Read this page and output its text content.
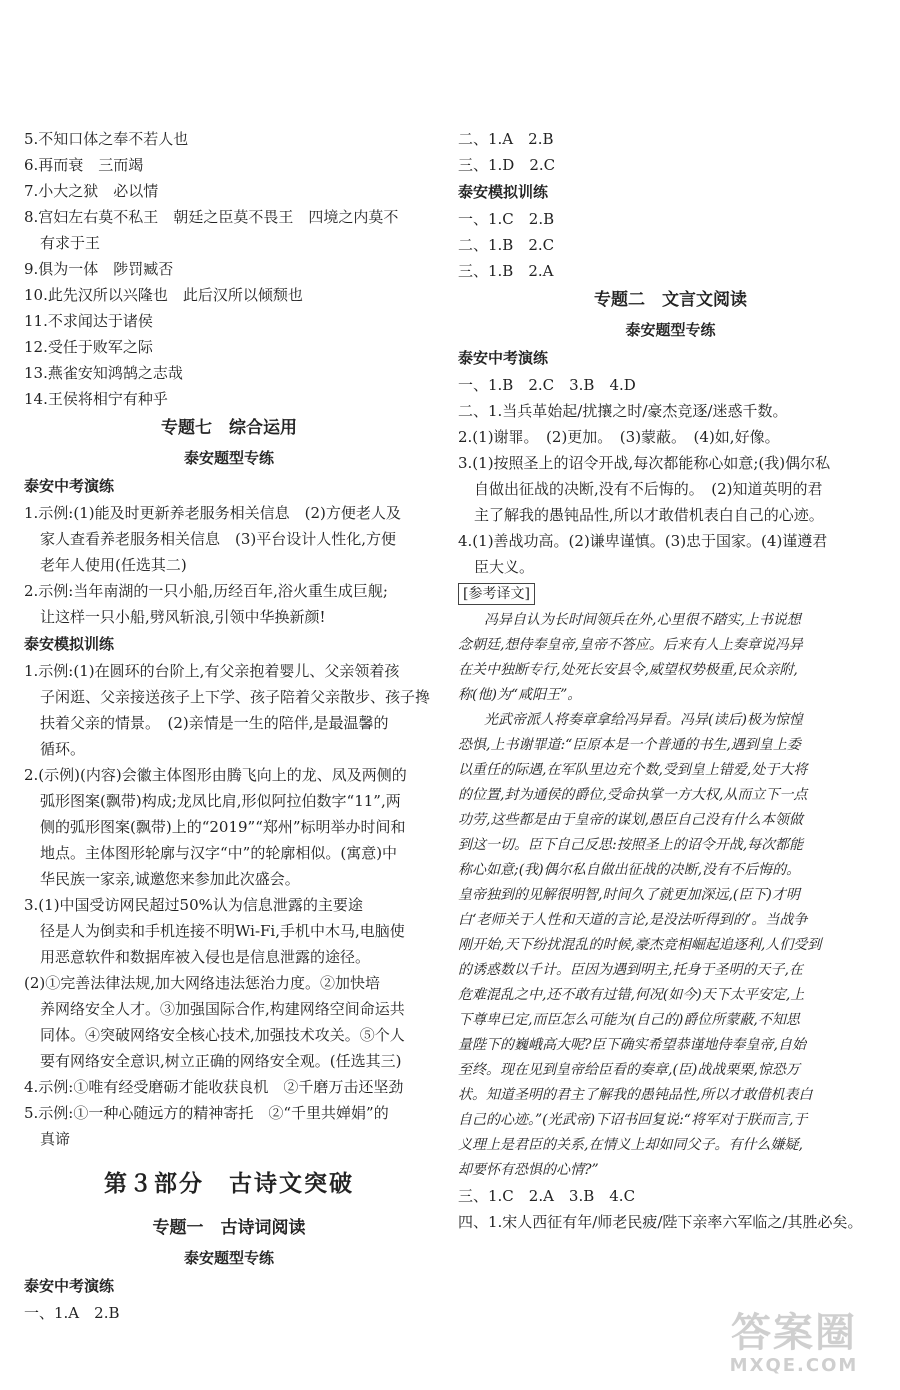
5.不知口体之奉不若人也
6.再而衰　三而竭
7.小大之狱　必以情
8.宫妇左右莫不私王　朝廷之臣莫不畏王　四境之内莫不
有求于王
9.俱为一体　陟罚臧否
10.此先汉所以兴隆也　此后汉所以倾颓也
11.不求闻达于诸侯
12.受任于败军之际
13.燕雀安知鸿鹄之志哉
14.王侯将相宁有种乎
专题七　综合运用
泰安题型专练
泰安中考演练
1.示例:(1)能及时更新养老服务相关信息　(2)方便老人及
家人查看养老服务相关信息　(3)平台设计人性化,方便
老年人使用(任选其二)
2.示例:当年南湖的一只小船,历经百年,浴火重生成巨舰;
让这样一只小船,劈风斩浪,引领中华换新颜!
泰安模拟训练
1.示例:(1)在圆环的台阶上,有父亲抱着婴儿、父亲领着孩
子闲逛、父亲接送孩子上下学、孩子陪着父亲散步、孩子搀
扶着父亲的情景。　(2)亲情是一生的陪伴,是最温馨的
循环。
2.(示例)(内容)会徽主体图形由腾飞向上的龙、凤及两侧的
弧形图案(飘带)构成;龙凤比肩,形似阿拉伯数字“11”,两
侧的弧形图案(飘带)上的“2019”“郑州”标明举办时间和
地点。主体图形轮廓与汉字“中”的轮廓相似。(寓意)中
华民族一家亲,诚邀您来参加此次盛会。
3.(1)中国受访网民超过50%认为信息泄露的主要途
径是人为倒卖和手机连接不明Wi-Fi,手机中木马,电脑使
用恶意软件和数据库被入侵也是信息泄露的途径。
(2)①完善法律法规,加大网络违法惩治力度。②加快培
养网络安全人才。③加强国际合作,构建网络空间命运共
同体。④突破网络安全核心技术,加强技术攻关。⑤个人
要有网络安全意识,树立正确的网络安全观。(任选其三)
4.示例:①唯有经受磨砺才能收获良机　②千磨万击还坚劲
5.示例:①一种心随远方的精神寄托　②“千里共婵娟”的
真谛
第３部分　古诗文突破
专题一　古诗词阅读
泰安题型专练
泰安中考演练
一、1.A　2.B
二、1.A　2.B
三、1.D　2.C
泰安模拟训练
一、1.C　2.B
二、1.B　2.C
三、1.B　2.A
专题二　文言文阅读
泰安题型专练
泰安中考演练
一、1.B　2.C　3.B　4.D
二、1.当兵革始起/扰攘之时/豪杰竞逐/迷惑千数。
2.(1)谢罪。　(2)更加。　(3)蒙蔽。　(4)如,好像。
3.(1)按照圣上的诏令开战,每次都能称心如意;(我)偶尔私
自做出征战的决断,没有不后悔的。　(2)知道英明的君
主了解我的愚钝品性,所以才敢借机表白自己的心迹。
4.(1)善战功高。(2)谦卑谨慎。(3)忠于国家。(4)谨遵君
臣大义。
[参考译文]
冯异自认为长时间领兵在外,心里很不踏实,上书说想
念朝廷,想侍奉皇帝,皇帝不答应。后来有人上奏章说冯异
在关中独断专行,处死长安县令,威望权势极重,民众亲附,
称(他)为“咸阳王”。
光武帝派人将奏章拿给冯异看。冯异(读后)极为惊惶
恐惧,上书谢罪道:“臣原本是一个普通的书生,遇到皇上委
以重任的际遇,在军队里边充个数,受到皇上错爱,处于大将
的位置,封为通侯的爵位,受命执掌一方大权,从而立下一点
功劳,这些都是由于皇帝的谋划,愚臣自己没有什么本领做
到这一切。臣下自己反思:按照圣上的诏令开战,每次都能
称心如意;(我)偶尔私自做出征战的决断,没有不后悔的。
皇帝独到的见解很明智,时间久了就更加深远,(臣下)才明
白‘老师关于人性和天道的言论,是没法听得到的’。当战争
刚开始,天下纷扰混乱的时候,豪杰竞相崛起追逐利,人们受到
的诱惑数以千计。臣因为遇到明主,托身于圣明的天子,在
危难混乱之中,还不敢有过错,何况(如今)天下太平安定,上
下尊卑已定,而臣怎么可能为(自己的)爵位所蒙蔽,不知思
量陛下的巍峨高大呢?臣下确实希望恭谨地侍奉皇帝,自始
至终。现在见到皇帝给臣看的奏章,(臣)战战栗栗,惊恐万
状。知道圣明的君主了解我的愚钝品性,所以才敢借机表白
自己的心迹。”(光武帝)下诏书回复说:“将军对于朕而言,于
义理上是君臣的关系,在情义上却如同父子。有什么嫌疑,
却要怀有恐惧的心情?”
三、1.C　2.A　3.B　4.C
四、1.宋人西征有年/师老民疲/陛下亲率六军临之/其胜必矣。
答案圈
MXQE.COM
